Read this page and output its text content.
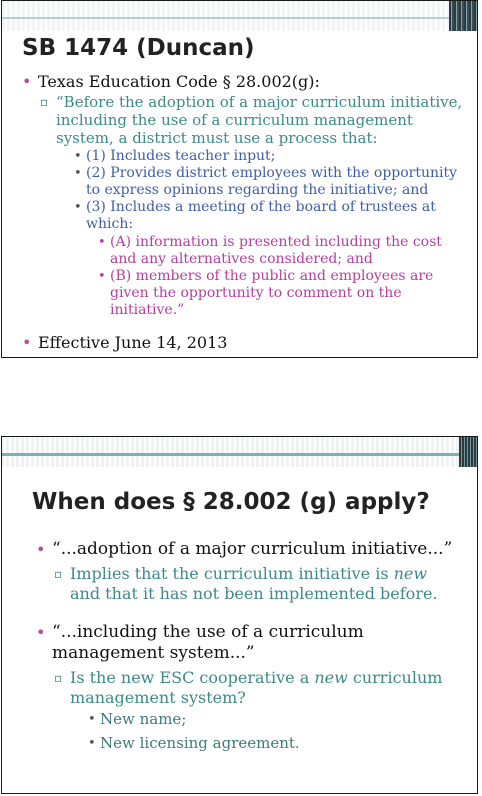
SB 1474 (Duncan)
• Texas Education Code § 28.002(g):
▫ “Before the adoption of a major curriculum initiative, including the use of a curriculum management system, a district must use a process that:
• (1) Includes teacher input;
• (2) Provides district employees with the opportunity to express opinions regarding the initiative; and
• (3) Includes a meeting of the board of trustees at which:
• (A) information is presented including the cost and any alternatives considered; and
• (B) members of the public and employees are given the opportunity to comment on the initiative.”
• Effective June 14, 2013
When does § 28.002 (g) apply?
• “...adoption of a major curriculum initiative...”
▫ Implies that the curriculum initiative is new and that it has not been implemented before.
• “...including the use of a curriculum management system...”
▫ Is the new ESC cooperative a new curriculum management system?
• New name;
• New licensing agreement.
